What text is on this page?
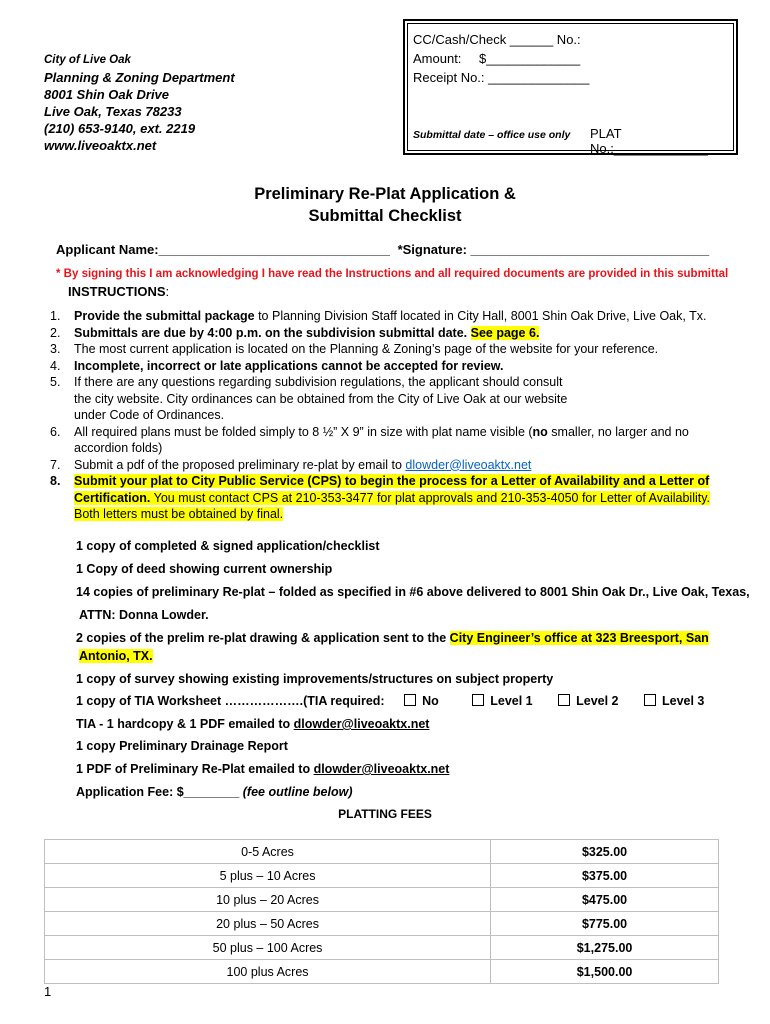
CC/Cash/Check ______ No.:
Amount: $_____________
Receipt No.: ______________
Submittal date – office use only PLAT No.:_____________
City of Live Oak
Planning & Zoning Department
8001 Shin Oak Drive
Live Oak, Texas 78233
(210) 653-9140, ext. 2219
www.liveoaktx.net
Preliminary Re-Plat Application &
Submittal Checklist
Applicant Name:________________________________ *Signature: _________________________________
* By signing this I am acknowledging I have read the Instructions and all required documents are provided in this submittal
INSTRUCTIONS:
1. Provide the submittal package to Planning Division Staff located in City Hall, 8001 Shin Oak Drive, Live Oak, Tx.
2. Submittals are due by 4:00 p.m. on the subdivision submittal date. See page 6.
3. The most current application is located on the Planning & Zoning’s page of the website for your reference.
4. Incomplete, incorrect or late applications cannot be accepted for review.
5. If there are any questions regarding subdivision regulations, the applicant should consult the city website. City ordinances can be obtained from the City of Live Oak at our website under Code of Ordinances.
6. All required plans must be folded simply to 8 ½” X 9” in size with plat name visible (no smaller, no larger and no accordion folds)
7. Submit a pdf of the proposed preliminary re-plat by email to dlowder@liveoaktx.net
8. Submit your plat to City Public Service (CPS) to begin the process for a Letter of Availability and a Letter of Certification. You must contact CPS at 210-353-3477 for plat approvals and 210-353-4050 for Letter of Availability. Both letters must be obtained by final.
1 copy of completed & signed application/checklist
1 Copy of deed showing current ownership
14 copies of preliminary Re-plat – folded as specified in #6 above delivered to 8001 Shin Oak Dr., Live Oak, Texas,
ATTN: Donna Lowder.
2 copies of the prelim re-plat drawing & application sent to the City Engineer’s office at 323 Breesport, San
Antonio, TX.
1 copy of survey showing existing improvements/structures on subject property
1 copy of TIA Worksheet ……………….(TIA required:	No	Level 1	Level 2	Level 3
TIA - 1 hardcopy & 1 PDF emailed to dlowder@liveoaktx.net
1 copy Preliminary Drainage Report
1 PDF of Preliminary Re-Plat emailed to dlowder@liveoaktx.net
Application Fee: $________ (fee outline below)
PLATTING FEES
0-5 Acres	$325.00
5 plus – 10 Acres	$375.00
10 plus – 20 Acres	$475.00
20 plus – 50 Acres	$775.00
50 plus – 100 Acres	$1,275.00
100 plus Acres	$1,500.00
1
